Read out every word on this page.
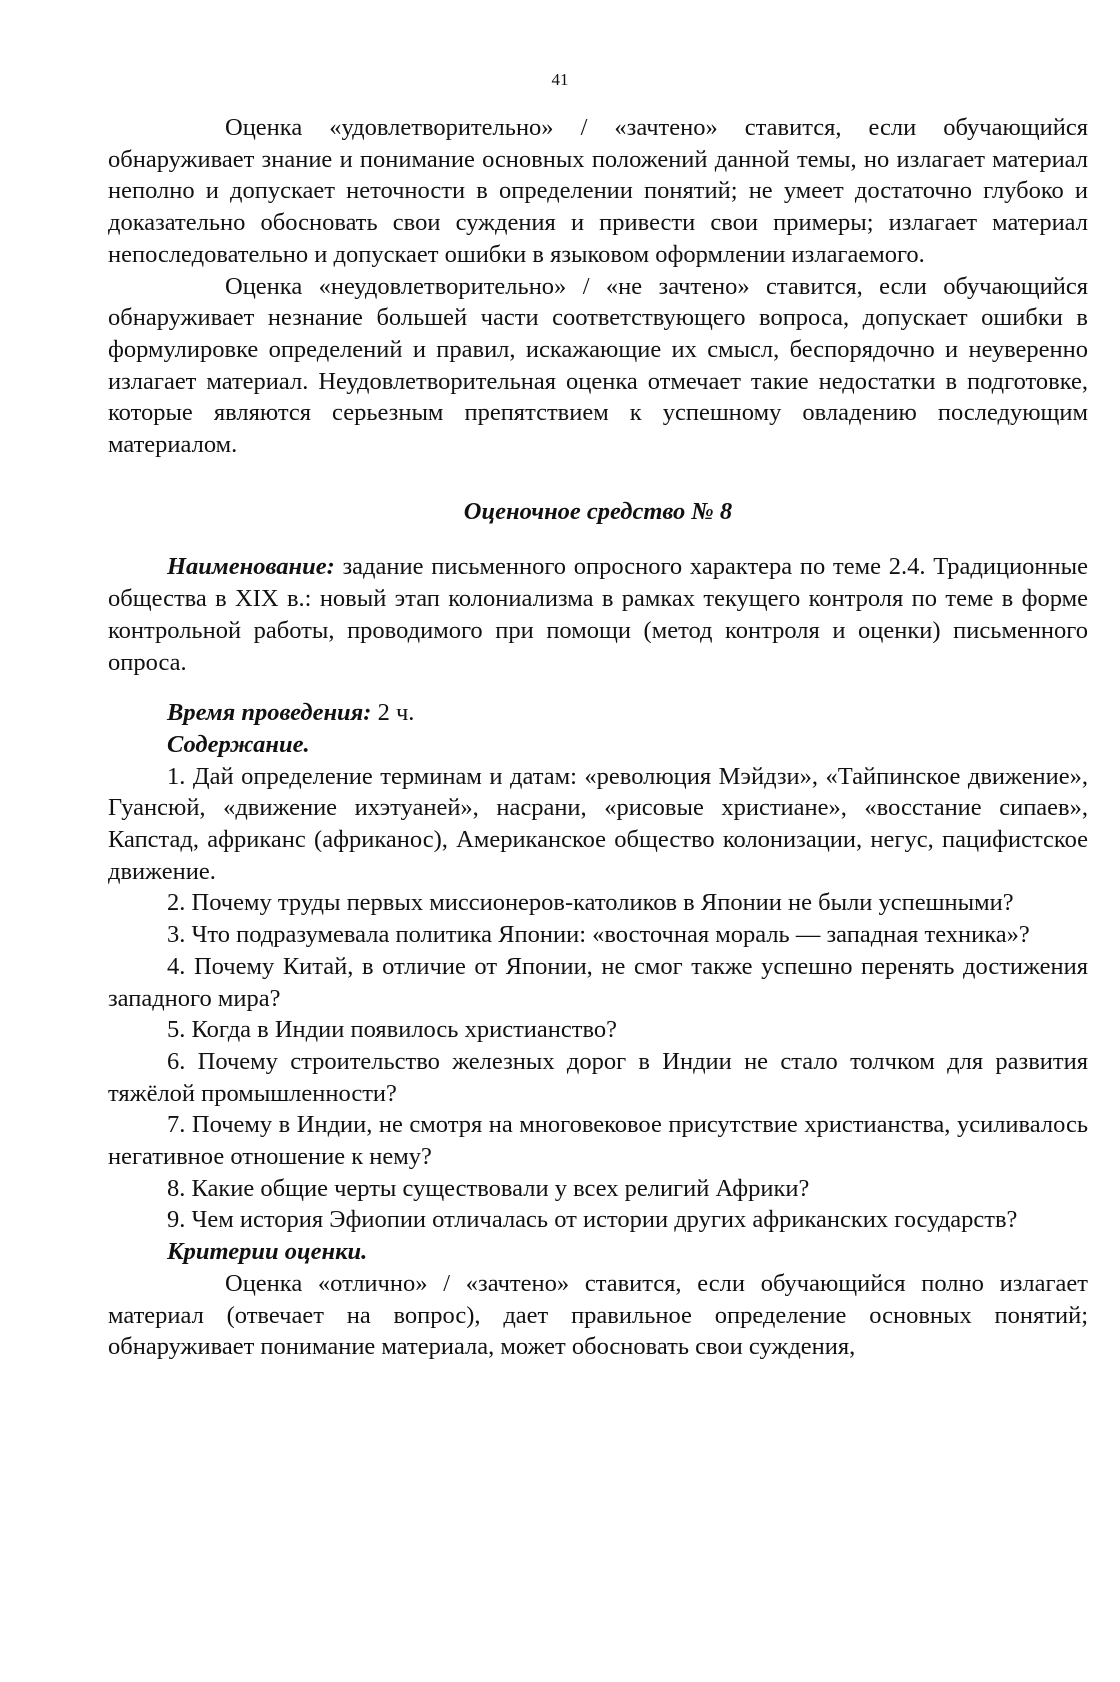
41

Оценка «удовлетворительно» / «зачтено» ставится, если обучающийся обнаруживает знание и понимание основных положений данной темы, но излагает материал неполно и допускает неточности в определении понятий; не умеет достаточно глубоко и доказательно обосновать свои суждения и привести свои примеры; излагает материал непоследовательно и допускает ошибки в языковом оформлении излагаемого.

Оценка «неудовлетворительно» / «не зачтено» ставится, если обучающийся обнаруживает незнание большей части соответствующего вопроса, допускает ошибки в формулировке определений и правил, искажающие их смысл, беспорядочно и неуверенно излагает материал. Неудовлетворительная оценка отмечает такие недостатки в подготовке, которые являются серьезным препятствием к успешному овладению последующим материалом.

Оценочное средство № 8

Наименование: задание письменного опросного характера по теме 2.4. Традиционные общества в XIX в.: новый этап колониализма в рамках текущего контроля по теме в форме контрольной работы, проводимого при помощи (метод контроля и оценки) письменного опроса.

Время проведения: 2 ч.

Содержание.

1. Дай определение терминам и датам: «революция Мэйдзи», «Тайпинское движение», Гуансюй, «движение ихэтуаней», насрани, «рисовые христиане», «восстание сипаев», Капстад, африканс (африканос), Американское общество колонизации, негус, пацифистское движение.

2. Почему труды первых миссионеров-католиков в Японии не были успешными?

3. Что подразумевала политика Японии: «восточная мораль — западная техника»?

4. Почему Китай, в отличие от Японии, не смог также успешно перенять достижения западного мира?

5. Когда в Индии появилось христианство?

6. Почему строительство железных дорог в Индии не стало толчком для развития тяжёлой промышленности?

7. Почему в Индии, не смотря на многовековое присутствие христианства, усиливалось негативное отношение к нему?

8. Какие общие черты существовали у всех религий Африки?

9. Чем история Эфиопии отличалась от истории других африканских государств?

Критерии оценки.

Оценка «отлично» / «зачтено» ставится, если обучающийся полно излагает материал (отвечает на вопрос), дает правильное определение основных понятий; обнаруживает понимание материала, может обосновать свои суждения,
